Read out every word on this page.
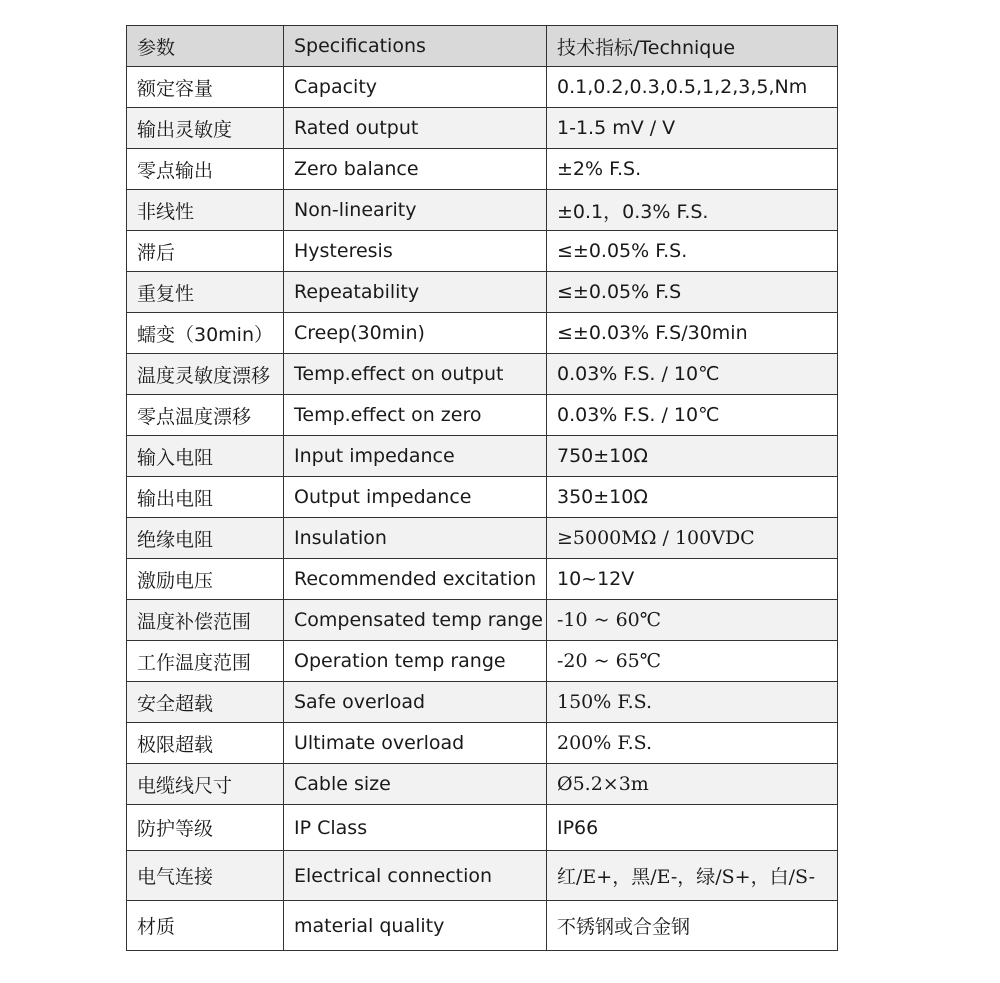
参数	Specifications	技术指标/Technique
额定容量	Capacity	0.1,0.2,0.3,0.5,1,2,3,5,Nm
输出灵敏度	Rated output	1-1.5 mV / V
零点输出	Zero balance	±2% F.S.
非线性	Non-linearity	±0.1，0.3% F.S.
滞后	Hysteresis	≤±0.05% F.S.
重复性	Repeatability	≤±0.05% F.S
蠕变（30min）	Creep(30min)	≤±0.03% F.S/30min
温度灵敏度漂移	Temp.effect on output	0.03% F.S. / 10℃
零点温度漂移	Temp.effect on zero	0.03% F.S. / 10℃
输入电阻	Input impedance	750±10Ω
输出电阻	Output impedance	350±10Ω
绝缘电阻	Insulation	≥5000MΩ / 100VDC
激励电压	Recommended excitation	10~12V
温度补偿范围	Compensated temp range	-10 ~ 60℃
工作温度范围	Operation temp range	-20 ~ 65℃
安全超载	Safe overload	150% F.S.
极限超载	Ultimate overload	200% F.S.
电缆线尺寸	Cable size	Ø5.2×3m
防护等级	IP Class	IP66
电气连接	Electrical connection	红/E+，黑/E-，绿/S+，白/S-
材质	material quality	不锈钢或合金钢
